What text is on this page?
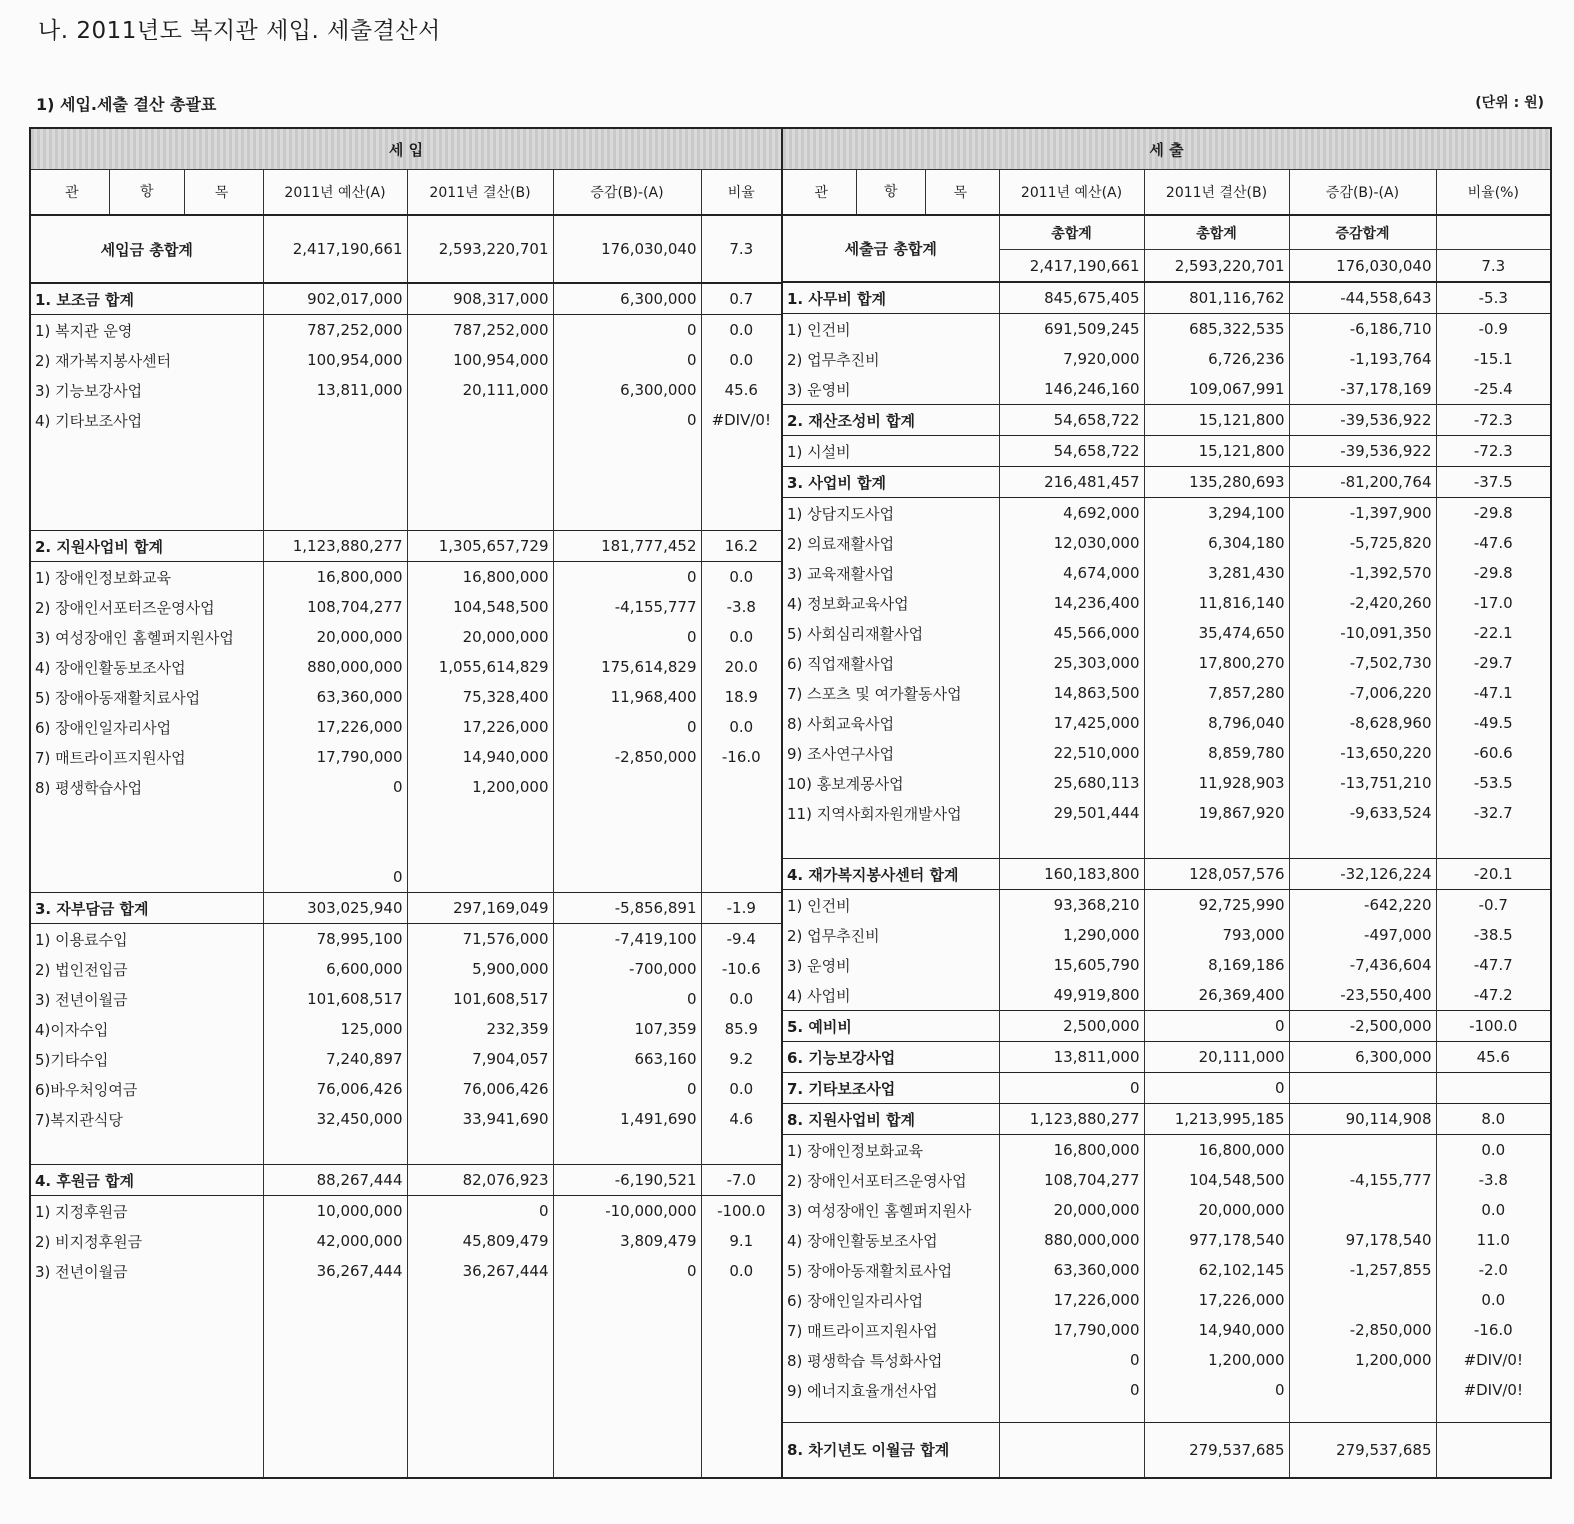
나. 2011년도 복지관 세입. 세출결산서
1) 세입.세출 결산 총괄표	(단위 : 원)
세 입				

관 항 목	2011년 예산(A)	2011년 결산(B)	증감(B)-(A)	비율
세입금 총합계	2,417,190,661	2,593,220,701	176,030,040	7.3
1. 보조금 합계	902,017,000	908,317,000	6,300,000	0.7
1) 복지관 운영	787,252,000	787,252,000	0	0.0
2) 재가복지봉사센터	100,954,000	100,954,000	0	0.0
3) 기능보강사업	13,811,000	20,111,000	6,300,000	45.6
4) 기타보조사업			0	#DIV/0!

2. 지원사업비 합계	1,123,880,277	1,305,657,729	181,777,452	16.2
1) 장애인정보화교육	16,800,000	16,800,000	0	0.0
2) 장애인서포터즈운영사업	108,704,277	104,548,500	-4,155,777	-3.8
3) 여성장애인 홈헬퍼지원사업	20,000,000	20,000,000	0	0.0
4) 장애인활동보조사업	880,000,000	1,055,614,829	175,614,829	20.0
5) 장애아동재활치료사업	63,360,000	75,328,400	11,968,400	18.9
6) 장애인일자리사업	17,226,000	17,226,000	0	0.0
7) 매트라이프지원사업	17,790,000	14,940,000	-2,850,000	-16.0
8) 평생학습사업	0	1,200,000		

	0			
3. 자부담금 합계	303,025,940	297,169,049	-5,856,891	-1.9
1) 이용료수입	78,995,100	71,576,000	-7,419,100	-9.4
2) 법인전입금	6,600,000	5,900,000	-700,000	-10.6
3) 전년이월금	101,608,517	101,608,517	0	0.0
4)이자수입	125,000	232,359	107,359	85.9
5)기타수입	7,240,897	7,904,057	663,160	9.2
6)바우처잉여금	76,006,426	76,006,426	0	0.0
7)복지관식당	32,450,000	33,941,690	1,491,690	4.6

4. 후원금 합계	88,267,444	82,076,923	-6,190,521	-7.0
1) 지정후원금	10,000,000	0	-10,000,000	-100.0
2) 비지정후원금	42,000,000	45,809,479	3,809,479	9.1
3) 전년이월금	36,267,444	36,267,444	0	0.0

세 출				

관 항 목	2011년 예산(A)	2011년 결산(B)	증감(B)-(A)	비율(%)
세출금 총합계	총합계	총합계	증감합계	
	2,417,190,661	2,593,220,701	176,030,040	7.3
1. 사무비 합계	845,675,405	801,116,762	-44,558,643	-5.3
1) 인건비	691,509,245	685,322,535	-6,186,710	-0.9
2) 업무추진비	7,920,000	6,726,236	-1,193,764	-15.1
3) 운영비	146,246,160	109,067,991	-37,178,169	-25.4
2. 재산조성비 합계	54,658,722	15,121,800	-39,536,922	-72.3
1) 시설비	54,658,722	15,121,800	-39,536,922	-72.3
3. 사업비 합계	216,481,457	135,280,693	-81,200,764	-37.5
1) 상담지도사업	4,692,000	3,294,100	-1,397,900	-29.8
2) 의료재활사업	12,030,000	6,304,180	-5,725,820	-47.6
3) 교육재활사업	4,674,000	3,281,430	-1,392,570	-29.8
4) 정보화교육사업	14,236,400	11,816,140	-2,420,260	-17.0
5) 사회심리재활사업	45,566,000	35,474,650	-10,091,350	-22.1
6) 직업재활사업	25,303,000	17,800,270	-7,502,730	-29.7
7) 스포츠 및 여가활동사업	14,863,500	7,857,280	-7,006,220	-47.1
8) 사회교육사업	17,425,000	8,796,040	-8,628,960	-49.5
9) 조사연구사업	22,510,000	8,859,780	-13,650,220	-60.6
10) 홍보계몽사업	25,680,113	11,928,903	-13,751,210	-53.5
11) 지역사회자원개발사업	29,501,444	19,867,920	-9,633,524	-32.7

4. 재가복지봉사센터 합계	160,183,800	128,057,576	-32,126,224	-20.1
1) 인건비	93,368,210	92,725,990	-642,220	-0.7
2) 업무추진비	1,290,000	793,000	-497,000	-38.5
3) 운영비	15,605,790	8,169,186	-7,436,604	-47.7
4) 사업비	49,919,800	26,369,400	-23,550,400	-47.2
5. 예비비	2,500,000	0	-2,500,000	-100.0
6. 기능보강사업	13,811,000	20,111,000	6,300,000	45.6
7. 기타보조사업	0	0		
8. 지원사업비 합계	1,123,880,277	1,213,995,185	90,114,908	8.0
1) 장애인정보화교육	16,800,000	16,800,000		0.0
2) 장애인서포터즈운영사업	108,704,277	104,548,500	-4,155,777	-3.8
3) 여성장애인 홈헬퍼지원사	20,000,000	20,000,000		0.0
4) 장애인활동보조사업	880,000,000	977,178,540	97,178,540	11.0
5) 장애아동재활치료사업	63,360,000	62,102,145	-1,257,855	-2.0
6) 장애인일자리사업	17,226,000	17,226,000		0.0
7) 매트라이프지원사업	17,790,000	14,940,000	-2,850,000	-16.0
8) 평생학습 특성화사업	0	1,200,000	1,200,000	#DIV/0!
9) 에너지효율개선사업	0	0		#DIV/0!

8. 차기년도 이월금 합계		279,537,685	279,537,685	
